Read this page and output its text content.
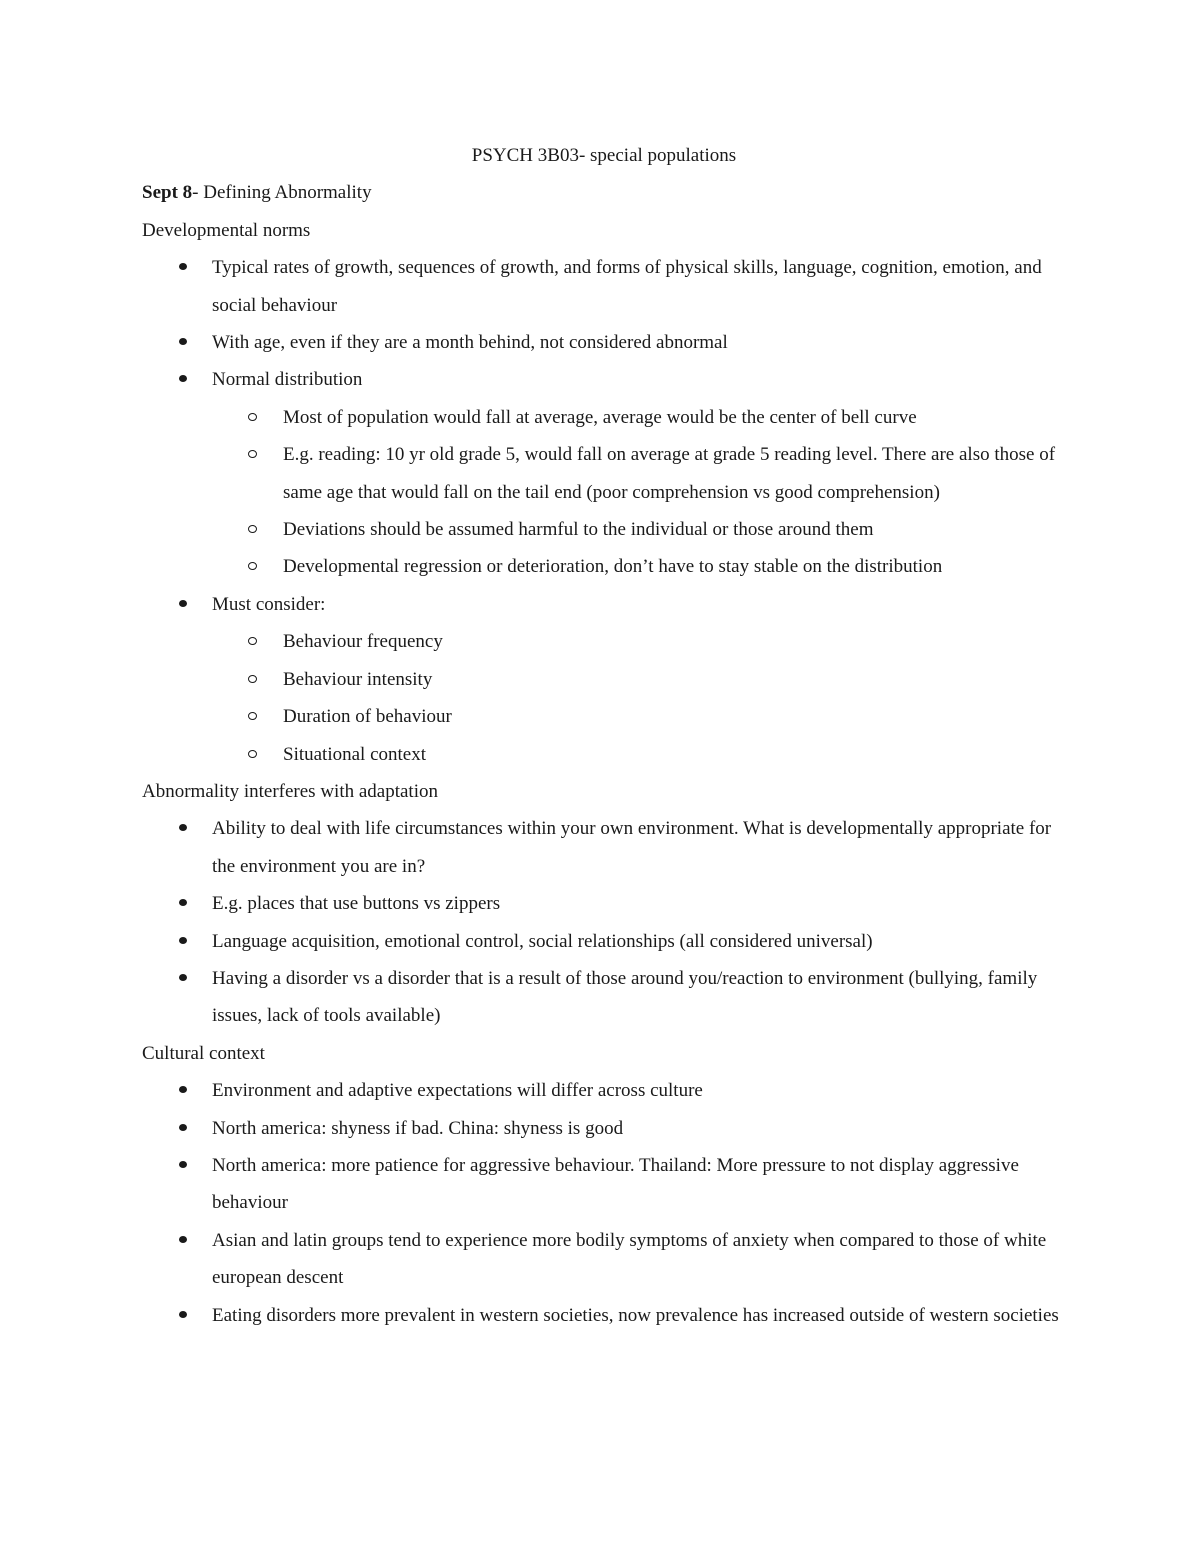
PSYCH 3B03- special populations

Sept 8- Defining Abnormality

Developmental norms

Typical rates of growth, sequences of growth, and forms of physical skills, language, cognition, emotion, and social behaviour
With age, even if they are a month behind, not considered abnormal
Normal distribution
Most of population would fall at average, average would be the center of bell curve
E.g. reading: 10 yr old grade 5, would fall on average at grade 5 reading level. There are also those of same age that would fall on the tail end (poor comprehension vs good comprehension)
Deviations should be assumed harmful to the individual or those around them
Developmental regression or deterioration, don’t have to stay stable on the distribution
Must consider:
Behaviour frequency
Behaviour intensity
Duration of behaviour
Situational context

Abnormality interferes with adaptation

Ability to deal with life circumstances within your own environment. What is developmentally appropriate for the environment you are in?
E.g. places that use buttons vs zippers
Language acquisition, emotional control, social relationships (all considered universal)
Having a disorder vs a disorder that is a result of those around you/reaction to environment (bullying, family issues, lack of tools available)

Cultural context

Environment and adaptive expectations will differ across culture
North america: shyness if bad. China: shyness is good
North america: more patience for aggressive behaviour. Thailand: More pressure to not display aggressive behaviour
Asian and latin groups tend to experience more bodily symptoms of anxiety when compared to those of white european descent
Eating disorders more prevalent in western societies, now prevalence has increased outside of western societies
